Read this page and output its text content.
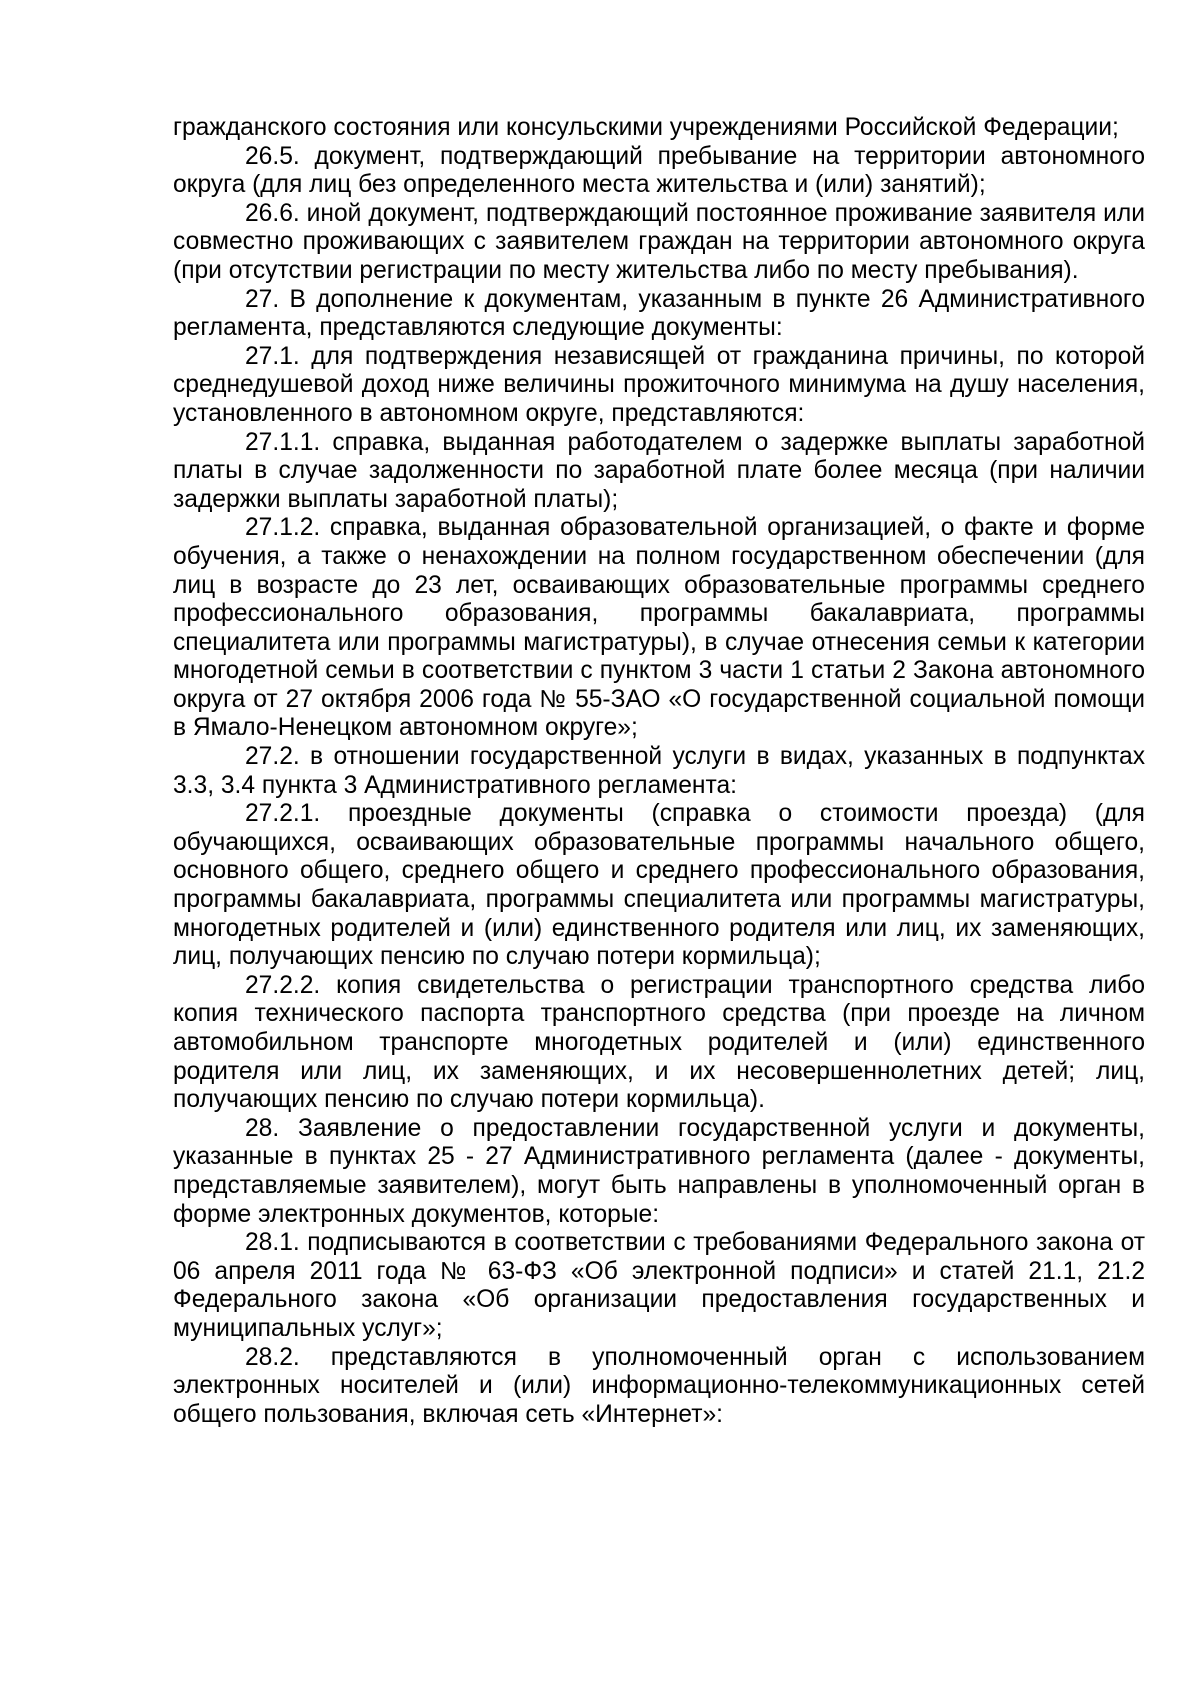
гражданского состояния или консульскими учреждениями Российской Федерации;

26.5. документ, подтверждающий пребывание на территории автономного округа (для лиц без определенного места жительства и (или) занятий);

26.6. иной документ, подтверждающий постоянное проживание заявителя или совместно проживающих с заявителем граждан на территории автономного округа (при отсутствии регистрации по месту жительства либо по месту пребывания).

27. В дополнение к документам, указанным в пункте 26 Административного регламента, представляются следующие документы:

27.1. для подтверждения независящей от гражданина причины, по которой среднедушевой доход ниже величины прожиточного минимума на душу населения, установленного в автономном округе, представляются:

27.1.1. справка, выданная работодателем о задержке выплаты заработной платы в случае задолженности по заработной плате более месяца (при наличии задержки выплаты заработной платы);

27.1.2. справка, выданная образовательной организацией, о факте и форме обучения, а также о ненахождении на полном государственном обеспечении (для лиц в возрасте до 23 лет, осваивающих образовательные программы среднего профессионального образования, программы бакалавриата, программы специалитета или программы магистратуры), в случае отнесения семьи к категории многодетной семьи в соответствии с пунктом 3 части 1 статьи 2 Закона автономного округа от 27 октября 2006 года № 55-ЗАО «О государственной социальной помощи в Ямало-Ненецком автономном округе»;

27.2. в отношении государственной услуги в видах, указанных в подпунктах 3.3, 3.4 пункта 3 Административного регламента:

27.2.1. проездные документы (справка о стоимости проезда) (для обучающихся, осваивающих образовательные программы начального общего, основного общего, среднего общего и среднего профессионального образования, программы бакалавриата, программы специалитета или программы магистратуры, многодетных родителей и (или) единственного родителя или лиц, их заменяющих, лиц, получающих пенсию по случаю потери кормильца);

27.2.2. копия свидетельства о регистрации транспортного средства либо копия технического паспорта транспортного средства (при проезде на личном автомобильном транспорте многодетных родителей и (или) единственного родителя или лиц, их заменяющих, и их несовершеннолетних детей; лиц, получающих пенсию по случаю потери кормильца).

28. Заявление о предоставлении государственной услуги и документы, указанные в пунктах 25 - 27 Административного регламента (далее - документы, представляемые заявителем), могут быть направлены в уполномоченный орган в форме электронных документов, которые:

28.1. подписываются в соответствии с требованиями Федерального закона от 06 апреля 2011 года № 63-ФЗ «Об электронной подписи» и статей 21.1, 21.2 Федерального закона «Об организации предоставления государственных и муниципальных услуг»;

28.2. представляются в уполномоченный орган с использованием электронных носителей и (или) информационно-телекоммуникационных сетей общего пользования, включая сеть «Интернет»:
